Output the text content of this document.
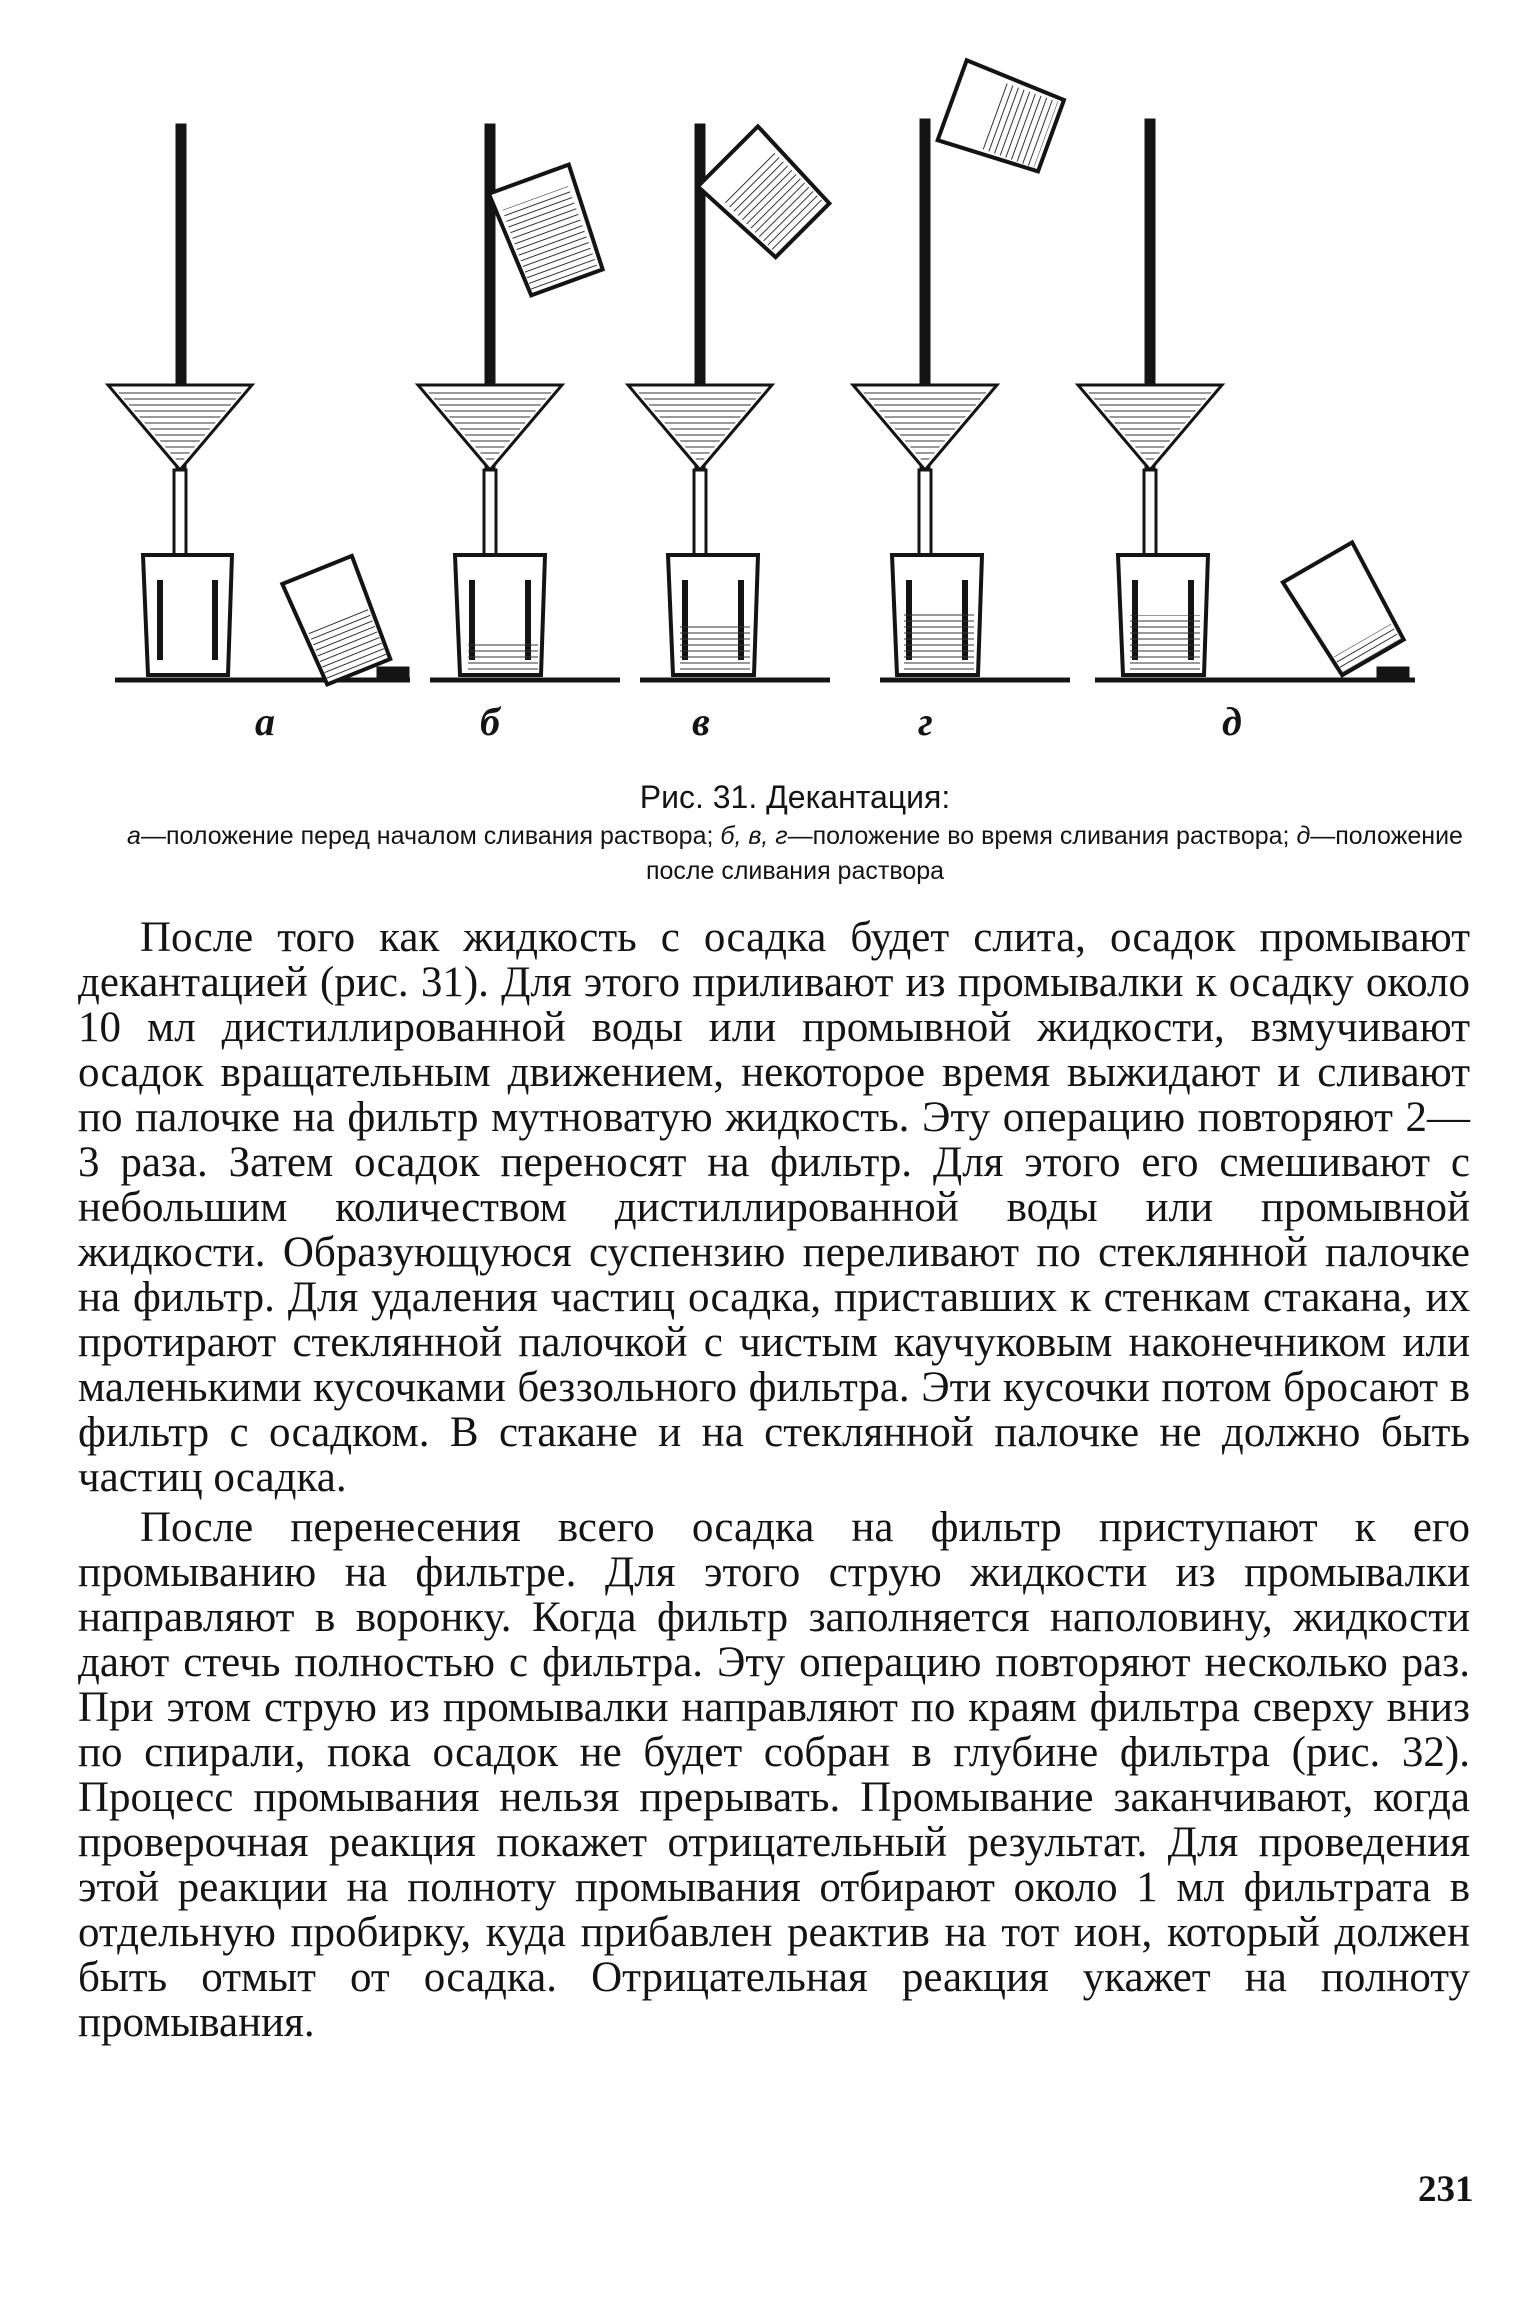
а	б	в	г	д
Рис. 31. Декантация:
а—положение перед началом сливания раствора; б, в, г—положение во время сливания раствора; д—положение после сливания раствора

После того как жидкость с осадка будет слита, осадок промывают декантацией (рис. 31). Для этого приливают из промывалки к осадку около 10 мл дистиллированной воды или промывной жидкости, взмучивают осадок вращательным движением, некоторое время выжидают и сливают по палочке на фильтр мутноватую жидкость. Эту операцию повторяют 2—3 раза. Затем осадок переносят на фильтр. Для этого его смешивают с небольшим количеством дистиллированной воды или промывной жидкости. Образующуюся суспензию переливают по стеклянной палочке на фильтр. Для удаления частиц осадка, приставших к стенкам стакана, их протирают стеклянной палочкой с чистым каучуковым наконечником или маленькими кусочками беззольного фильтра. Эти кусочки потом бросают в фильтр с осадком. В стакане и на стеклянной палочке не должно быть частиц осадка.

После перенесения всего осадка на фильтр приступают к его промыванию на фильтре. Для этого струю жидкости из промывалки направляют в воронку. Когда фильтр заполняется наполовину, жидкости дают стечь полностью с фильтра. Эту операцию повторяют несколько раз. При этом струю из промывалки направляют по краям фильтра сверху вниз по спирали, пока осадок не будет собран в глубине фильтра (рис. 32). Процесс промывания нельзя прерывать. Промывание заканчивают, когда проверочная реакция покажет отрицательный результат. Для проведения этой реакции на полноту промывания отбирают около 1 мл фильтрата в отдельную пробирку, куда прибавлен реактив на тот ион, который должен быть отмыт от осадка. Отрицательная реакция укажет на полноту промывания.

231
